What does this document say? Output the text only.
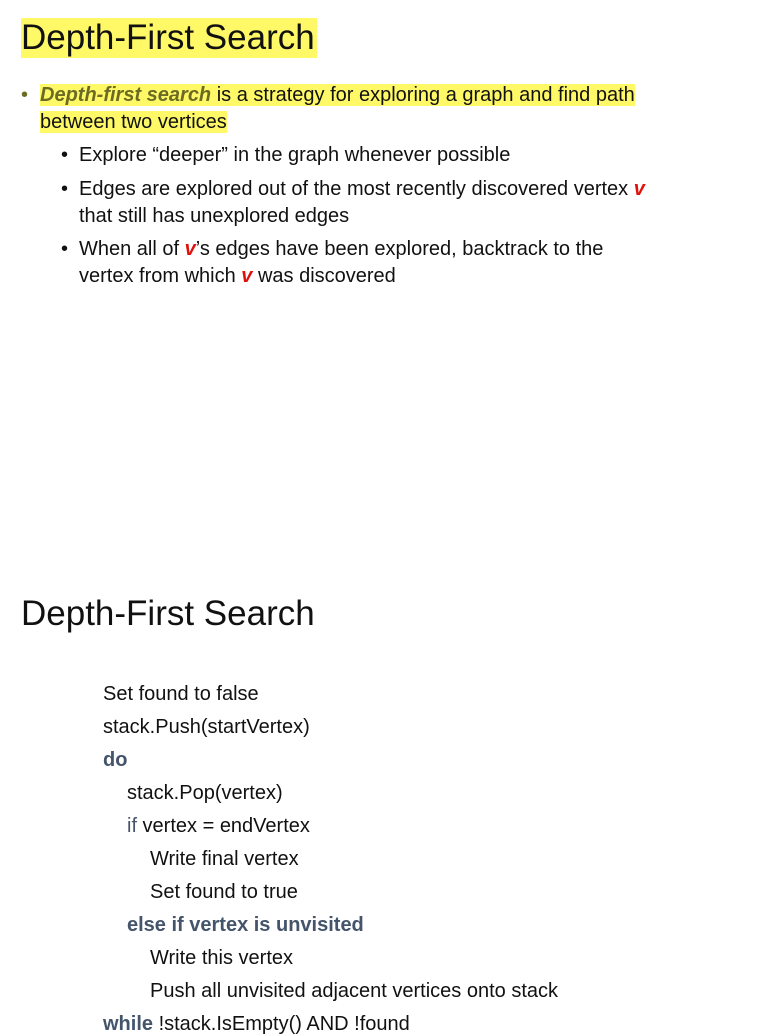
Depth-First Search
• Depth-first search is a strategy for exploring a graph and find path
between two vertices
• Explore “deeper” in the graph whenever possible
• Edges are explored out of the most recently discovered vertex v
that still has unexplored edges
• When all of v’s edges have been explored, backtrack to the
vertex from which v was discovered
Depth-First Search
Set found to false
stack.Push(startVertex)
do
stack.Pop(vertex)
if vertex = endVertex
Write final vertex
Set found to true
else if vertex is unvisited
Write this vertex
Push all unvisited adjacent vertices onto stack
while !stack.IsEmpty() AND !found
